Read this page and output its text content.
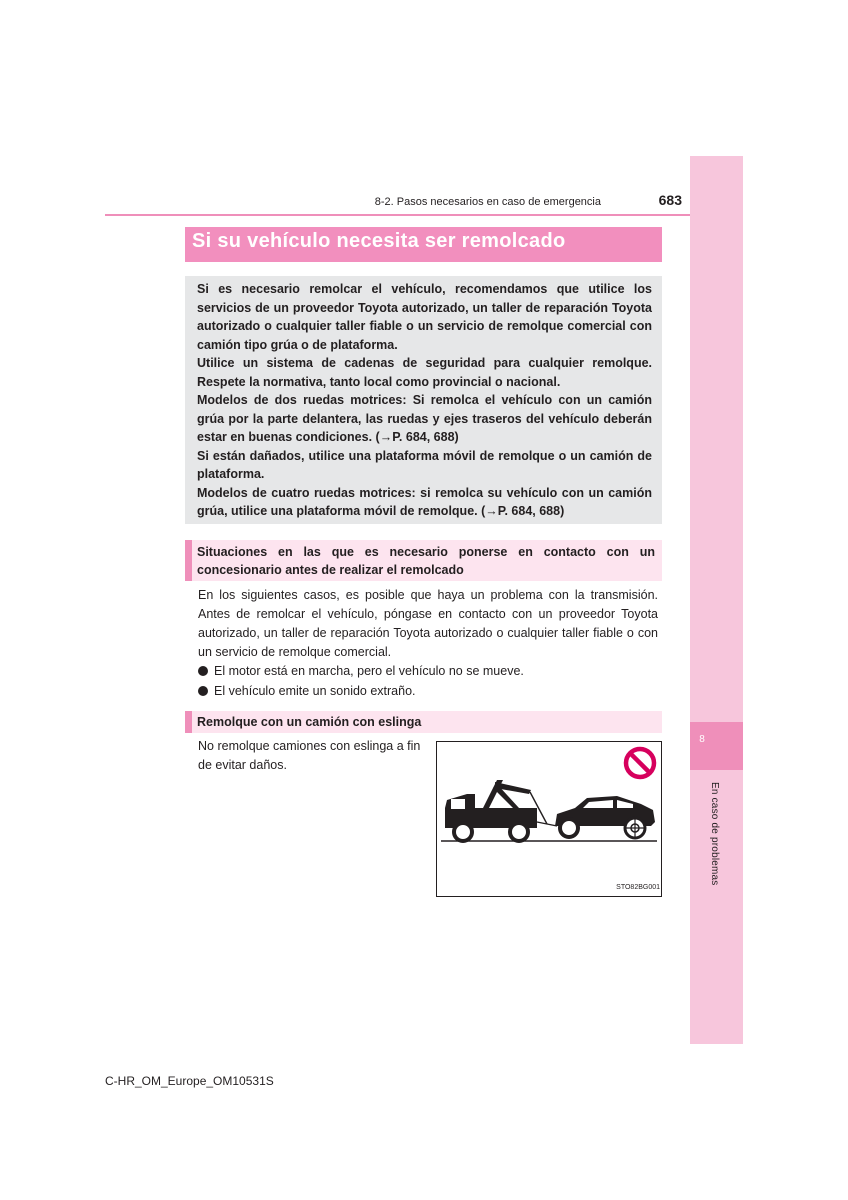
8
En caso de problemas
8-2. Pasos necesarios en caso de emergencia	683
Si su vehículo necesita ser remolcado

Si es necesario remolcar el vehículo, recomendamos que utilice los servicios de un proveedor Toyota autorizado, un taller de reparación Toyota autorizado o cualquier taller fiable o un servicio de remolque comercial con camión tipo grúa o de plataforma.

Utilice un sistema de cadenas de seguridad para cualquier remolque. Respete la normativa, tanto local como provincial o nacional.

Modelos de dos ruedas motrices: Si remolca el vehículo con un camión grúa por la parte delantera, las ruedas y ejes traseros del vehículo deberán estar en buenas condiciones. (→P. 684, 688)

Si están dañados, utilice una plataforma móvil de remolque o un camión de plataforma.

Modelos de cuatro ruedas motrices: si remolca su vehículo con un camión grúa, utilice una plataforma móvil de remolque. (→P. 684, 688)

Situaciones en las que es necesario ponerse en contacto con un concesionario antes de realizar el remolcado

En los siguientes casos, es posible que haya un problema con la transmisión. Antes de remolcar el vehículo, póngase en contacto con un proveedor Toyota autorizado, un taller de reparación Toyota autorizado o cualquier taller fiable o con un servicio de remolque comercial.

El motor está en marcha, pero el vehículo no se mueve.
El vehículo emite un sonido extraño.
Remolque con un camión con eslinga
No remolque camiones con eslinga a fin de evitar daños.
STO82BG001
C-HR_OM_Europe_OM10531S
